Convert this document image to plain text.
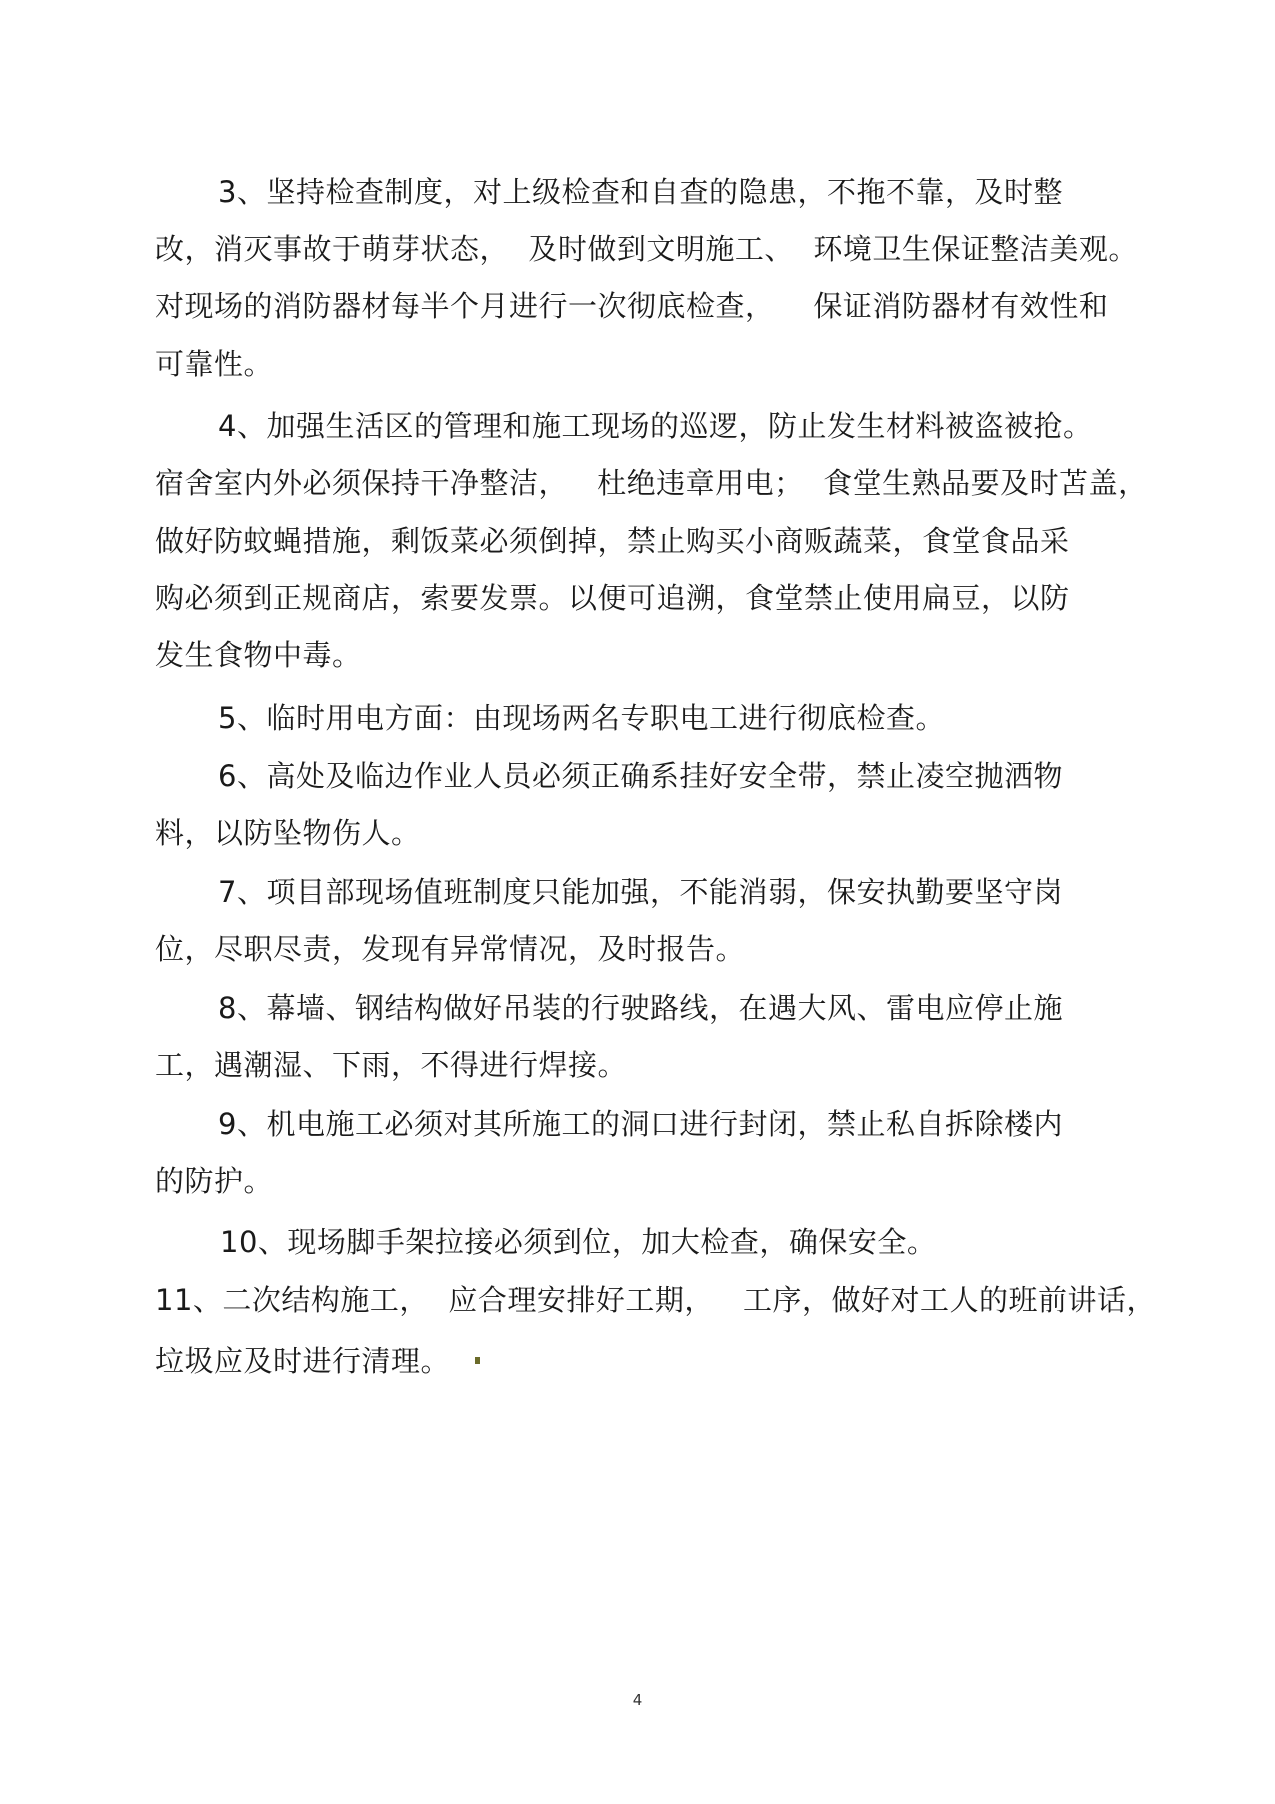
3、坚持检查制度，对上级检查和自查的隐患，不拖不靠，及时整
改，消灭事故于萌芽状态，  及时做到文明施工、  环境卫生保证整洁美观。
对现场的消防器材每半个月进行一次彻底检查，    保证消防器材有效性和
可靠性。
4、加强生活区的管理和施工现场的巡逻，防止发生材料被盗被抢。
宿舍室内外必须保持干净整洁，   杜绝违章用电；  食堂生熟品要及时苫盖，
做好防蚊蝇措施，剩饭菜必须倒掉，禁止购买小商贩蔬菜，食堂食品采
购必须到正规商店，索要发票。以便可追溯，食堂禁止使用扁豆，以防
发生食物中毒。
5、临时用电方面：由现场两名专职电工进行彻底检查。
6、高处及临边作业人员必须正确系挂好安全带，禁止凌空抛洒物
料，以防坠物伤人。
7、项目部现场值班制度只能加强，不能消弱，保安执勤要坚守岗
位，尽职尽责，发现有异常情况，及时报告。
8、幕墙、钢结构做好吊装的行驶路线，在遇大风、雷电应停止施
工，遇潮湿、下雨，不得进行焊接。
9、机电施工必须对其所施工的洞口进行封闭，禁止私自拆除楼内
的防护。
10、现场脚手架拉接必须到位，加大检查，确保安全。
11、二次结构施工，  应合理安排好工期，   工序，做好对工人的班前讲话，
垃圾应及时进行清理。
4
